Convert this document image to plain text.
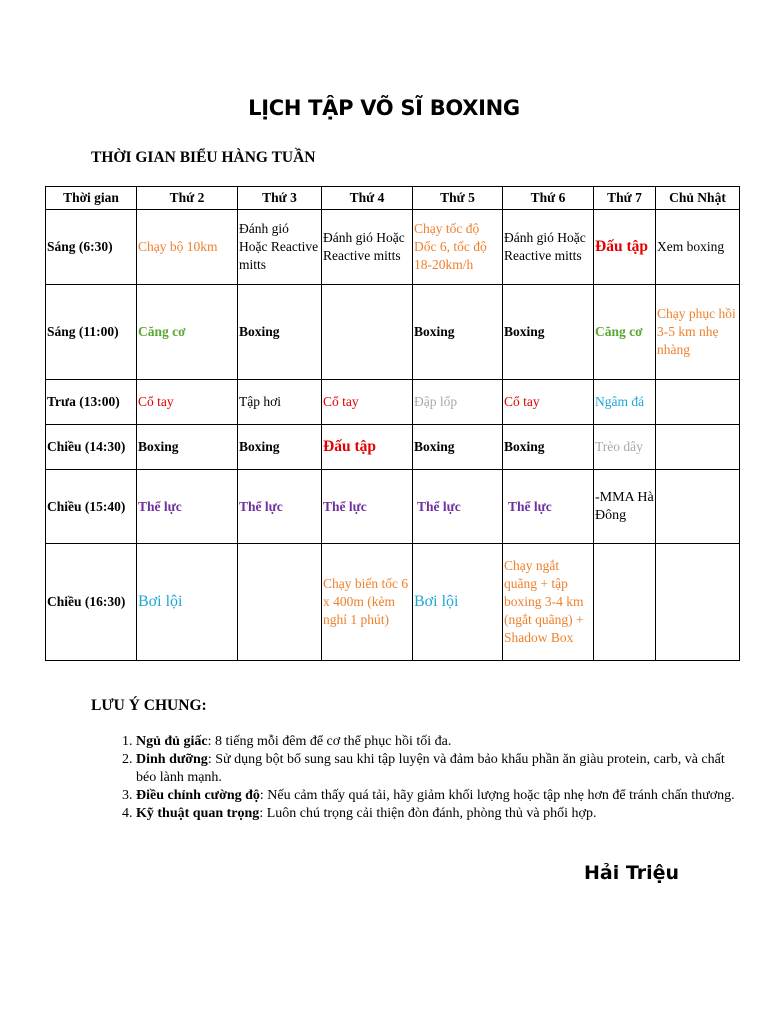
LỊCH TẬP VÕ SĨ BOXING
THỜI GIAN BIỂU HÀNG TUẦN
Thời gian	Thứ 2	Thứ 3	Thứ 4	Thứ 5	Thứ 6	Thứ 7	Chủ Nhật
Sáng (6:30)	Chạy bộ 10km	Đánh gió Hoặc Reactive mitts	Đánh gió Hoặc Reactive mitts	Chạy tốc độ Dốc 6, tốc độ 18-20km/h	Đánh gió Hoặc Reactive mitts	Đấu tập	Xem boxing
Sáng (11:00)	Căng cơ	Boxing		Boxing	Boxing	Căng cơ	Chạy phục hồi 3-5 km nhẹ nhàng
Trưa (13:00)	Cổ tay	Tập hơi	Cổ tay	Đập lốp	Cổ tay	Ngâm đá	
Chiều (14:30)	Boxing	Boxing	Đấu tập	Boxing	Boxing	Trèo dây	
Chiều (15:40)	Thể lực	Thể lực	Thể lực	Thể lực	Thể lực	-MMA Hà Đông	
Chiều (16:30)	Bơi lội		Chạy biến tốc 6 x 400m (kèm nghỉ 1 phút)	Bơi lội	Chạy ngắt quãng + tập boxing 3-4 km (ngắt quãng) + Shadow Box		
LƯU Ý CHUNG:
1. Ngủ đủ giấc: 8 tiếng mỗi đêm để cơ thể phục hồi tối đa.
2. Dinh dưỡng: Sử dụng bột bổ sung sau khi tập luyện và đảm bảo khẩu phần ăn giàu protein, carb, và chất béo lành mạnh.
3. Điều chỉnh cường độ: Nếu cảm thấy quá tải, hãy giảm khối lượng hoặc tập nhẹ hơn để tránh chấn thương.
4. Kỹ thuật quan trọng: Luôn chú trọng cải thiện đòn đánh, phòng thủ và phối hợp.
Hải Triệu
